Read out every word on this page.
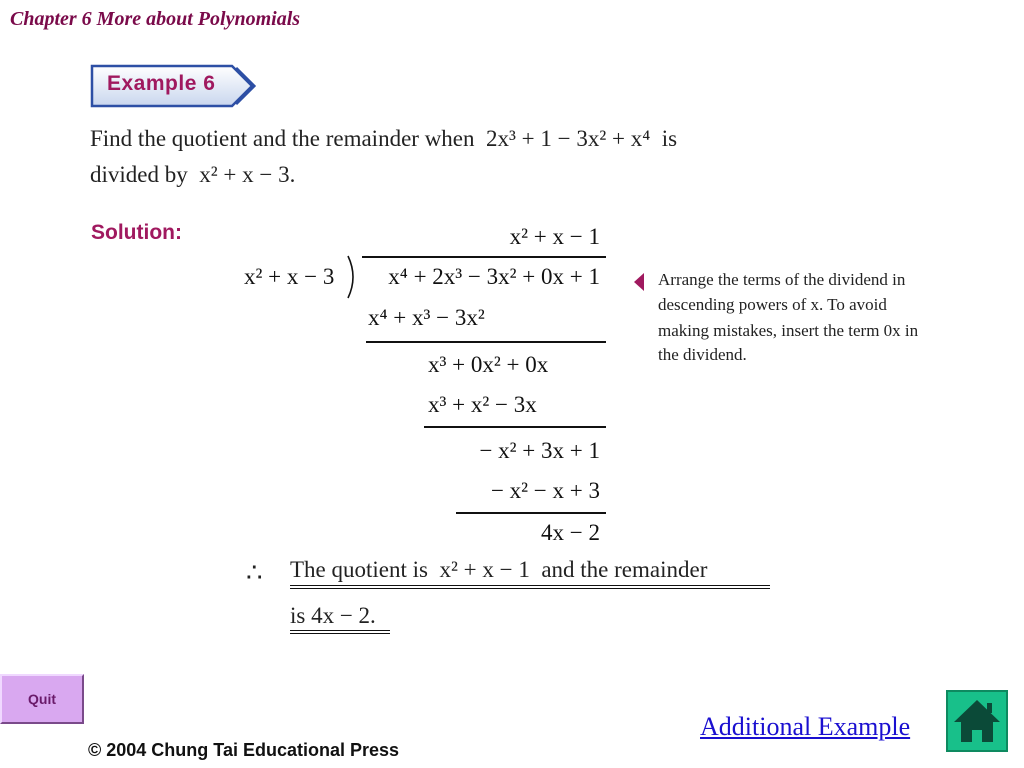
Chapter 6 More about Polynomials
Example 6
Find the quotient and the remainder when 2x³ + 1 − 3x² + x⁴ is
divided by x² + x − 3.
Solution:	x² + x − 1
x² + x − 3	x⁴ + 2x³ − 3x² + 0x + 1
x⁴ + x³ − 3x²
x³ + 0x² + 0x
x³ + x² − 3x
− x² + 3x + 1
− x² − x + 3
4x − 2
Arrange the terms of the dividend in
descending powers of x. To avoid
making mistakes, insert the term 0x in
the dividend.
∴ The quotient is x² + x − 1 and the remainder
is 4x − 2.
Quit
Additional Example
© 2004 Chung Tai Educational Press
